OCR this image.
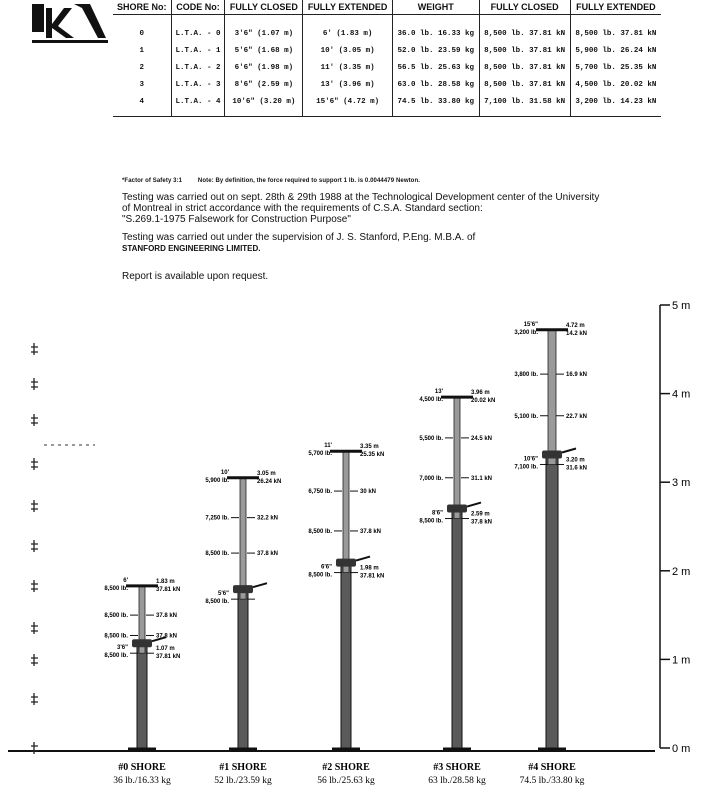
SHORE No:	CODE No:	FULLY CLOSED	FULLY EXTENDED	WEIGHT	FULLY CLOSED	FULLY EXTENDED
0	L.T.A. - 0	3'6" (1.07 m)	6' (1.83 m)	36.0 lb. 16.33 kg	8,500 lb. 37.81 kN	8,500 lb. 37.81 kN
1	L.T.A. - 1	5'6" (1.68 m)	10' (3.05 m)	52.0 lb. 23.59 kg	8,500 lb. 37.81 kN	5,900 lb. 26.24 kN
2	L.T.A. - 2	6'6" (1.98 m)	11' (3.35 m)	56.5 lb. 25.63 kg	8,500 lb. 37.81 kN	5,700 lb. 25.35 kN
3	L.T.A. - 3	8'6" (2.59 m)	13' (3.96 m)	63.0 lb. 28.58 kg	8,500 lb. 37.81 kN	4,500 lb. 20.02 kN
4	L.T.A. - 4	10'6" (3.20 m)	15'6" (4.72 m)	74.5 lb. 33.80 kg	7,100 lb. 31.58 kN	3,200 lb. 14.23 kN
*Factor of Safety 3:1	Note: By definition, the force required to support 1 lb. is 0.0044479 Newton.
Testing was carried out on sept. 28th & 29th 1988 at the Technological Development center of the University
of Montreal in strict accordance with the requirements of C.S.A. Standard section:
"S.269.1-1975 Falsework for Construction Purpose"
Testing was carried out under the supervision of J. S. Stanford, P.Eng. M.B.A. of
STANFORD ENGINEERING LIMITED.
Report is available upon request.
0 m
1 m
2 m
3 m
4 m
5 m
6'
8,500 lb.
1.83 m
37.81 kN
8,500 lb.	37.8 kN
8,500 lb.	37.8 kN
3'6"
8,500 lb.
1.07 m
37.81 kN
#0 SHORE
36 lb./16.33 kg
10'
5,900 lb.
3.05 m
26.24 kN
7,250 lb.	32.2 kN
8,500 lb.	37.8 kN
5'6"
8,500 lb.
#1 SHORE
52 lb./23.59 kg
11'
5,700 lb.
3.35 m
25.35 kN
6,750 lb.	30 kN
8,500 lb.	37.8 kN
6'6"
8,500 lb.
1.98 m
37.81 kN
#2 SHORE
56 lb./25.63 kg
13'
4,500 lb.
3.96 m
20.02 kN
5,500 lb.	24.5 kN
7,000 lb.	31.1 kN
8'6"
8,500 lb.
2.59 m
37.8 kN
#3 SHORE
63 lb./28.58 kg
15'6"
3,200 lb.
4.72 m
14.2 kN
3,800 lb.	16.9 kN
5,100 lb.	22.7 kN
10'6"
7,100 lb.
3.20 m
31.6 kN
#4 SHORE
74.5 lb./33.80 kg
